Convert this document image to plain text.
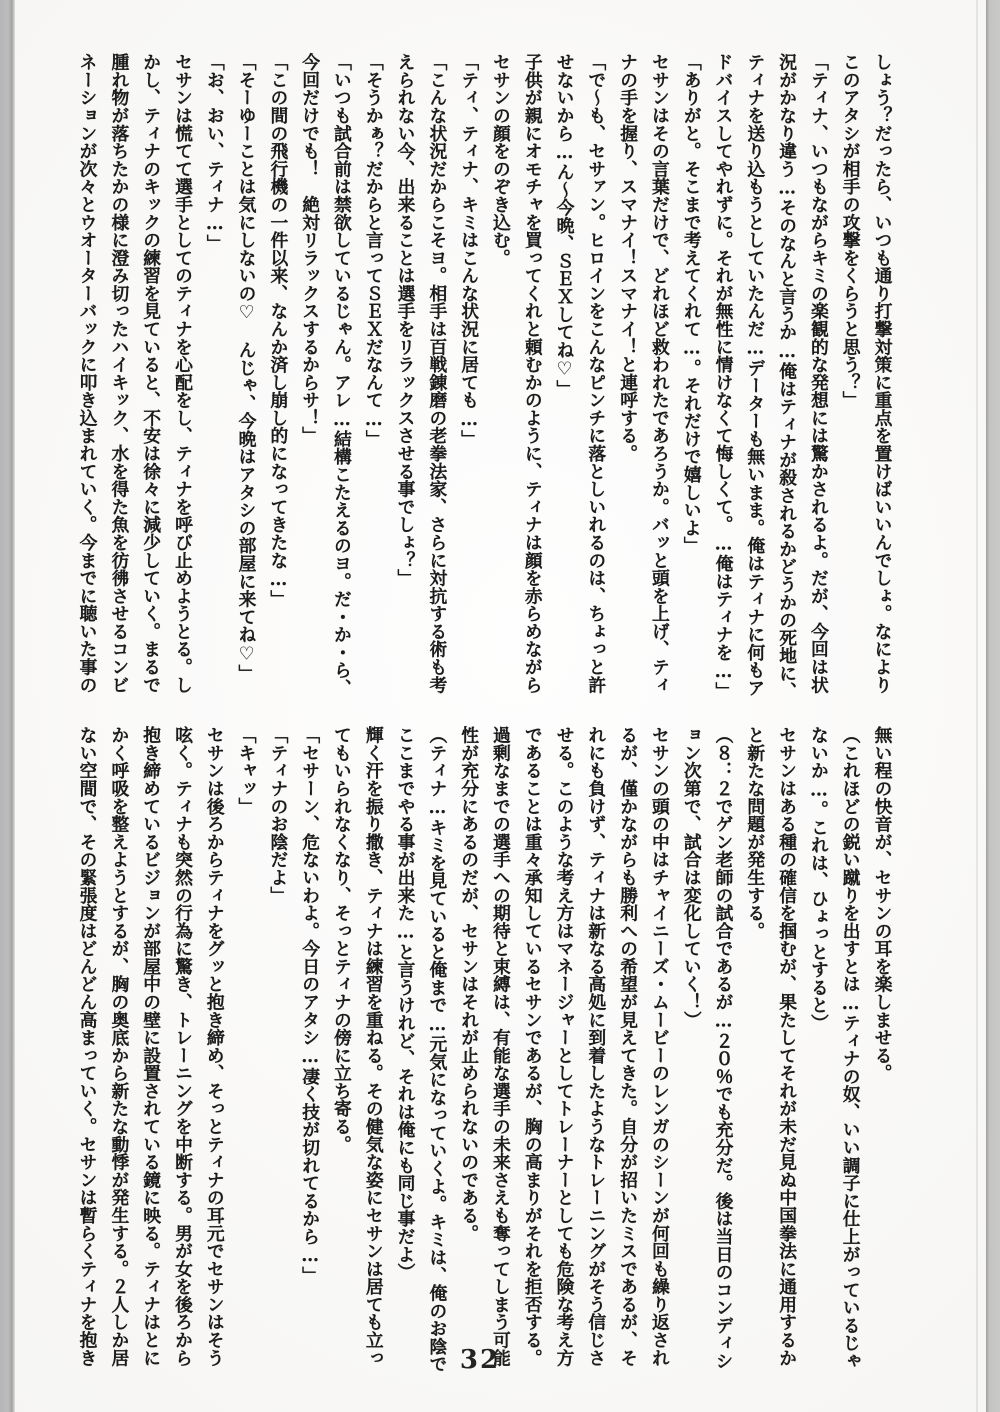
しょう？だったら、いつも通り打撃対策に重点を置けばいいんでしょ。なにより
このアタシが相手の攻撃をくらうと思う？」
「ティナ、いつもながらキミの楽観的な発想には驚かされるよ。だが、今回は状
況がかなり違う…そのなんと言うか…俺はティナが殺されるかどうかの死地に、
ティナを送り込もうとしていたんだ…データーも無いまま。俺はティナに何もア
ドバイスしてやれずに。それが無性に情けなくて悔しくて。…俺はティナを…」
「ありがと。そこまで考えてくれて…。それだけで嬉しいよ」
セサンはその言葉だけで、どれほど救われたであろうか。バッと頭を上げ、ティ
ナの手を握り、スマナイ！スマナイ！と連呼する。
「で〜も、セサァン。ヒロインをこんなピンチに落としいれるのは、ちょっと許
せないから…ん〜今晩、ＳＥＸしてね♡」
子供が親にオモチャを買ってくれと頼むかのように、ティナは顔を赤らめながら
セサンの顔をのぞき込む。
「ティ、ティナ、キミはこんな状況に居ても…」
「こんな状況だからこそヨ。相手は百戦錬磨の老拳法家、さらに対抗する術も考
えられない今、出来ることは選手をリラックスさせる事でしょ？」
「そうかぁ？だからと言ってＳＥＸだなんて…」
「いつも試合前は禁欲しているじゃん。アレ…結構こたえるのヨ。だ・か・ら、
今回だけでも！　絶対リラックスするからサ！」
「この間の飛行機の一件以来、なんか済し崩し的になってきたな…」
「そーゆーことは気にしないの♡　んじゃ、今晩はアタシの部屋に来てね♡」
「お、おい、ティナ…」
セサンは慌てて選手としてのティナを心配をし、ティナを呼び止めようとる。し
かし、ティナのキックの練習を見ていると、不安は徐々に減少していく。まるで
腫れ物が落ちたかの様に澄み切ったハイキック、水を得た魚を彷彿させるコンビ
ネーションが次々とウオーターバックに叩き込まれていく。今までに聴いた事の
無い程の快音が、セサンの耳を楽しませる。
（これほどの鋭い蹴りを出すとは…ティナの奴、いい調子に仕上がっているじゃ
ないか…。これは、ひょっとすると）
セサンはある種の確信を掴むが、果たしてそれが未だ見ぬ中国拳法に通用するか
と新たな問題が発生する。
（８：２でゲン老師の試合であるが…２０％でも充分だ。後は当日のコンディシ
ョン次第で、試合は変化していく！）
セサンの頭の中はチャイニーズ・ムービーのレンガのシーンが何回も繰り返され
るが、僅かながらも勝利への希望が見えてきた。自分が招いたミスであるが、そ
れにも負けず、ティナは新なる高処に到着したようなトレーニングがそう信じさ
せる。このような考え方はマネージャーとしてトレーナーとしても危険な考え方
であることは重々承知しているセサンであるが、胸の高まりがそれを拒否する。
過剰なまでの選手への期待と束縛は、有能な選手の未来さえも奪ってしまう可能
性が充分にあるのだが、セサンはそれが止められないのである。
（ティナ…キミを見ていると俺まで…元気になっていくよ。キミは、俺のお陰で
ここまでやる事が出来た…と言うけれど、それは俺にも同じ事だよ）
輝く汗を振り撒き、ティナは練習を重ねる。その健気な姿にセサンは居ても立っ
てもいられなくなり、そっとティナの傍に立ち寄る。
「セサーン、危ないわよ。今日のアタシ…凄く技が切れてるから…」
「ティナのお陰だよ」
「キャッ」
セサンは後ろからティナをグッと抱き締め、そっとティナの耳元でセサンはそう
呟く。ティナも突然の行為に驚き、トレーニングを中断する。男が女を後ろから
抱き締めているビジョンが部屋中の壁に設置されている鏡に映る。ティナはとに
かく呼吸を整えようとするが、胸の奥底から新たな動悸が発生する。２人しか居
ない空間で、その緊張度はどんどん高まっていく。セサンは暫らくティナを抱き	32
